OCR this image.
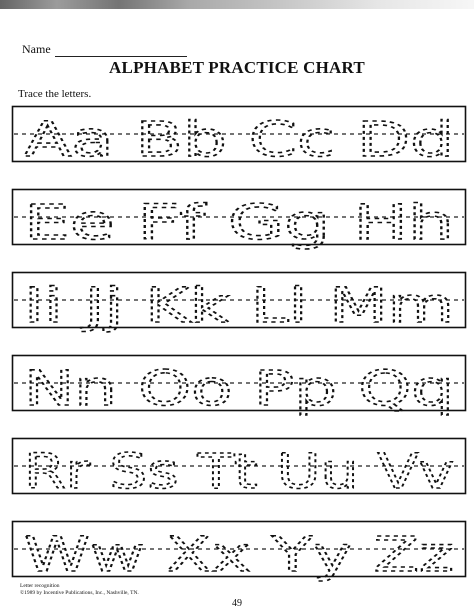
Name
ALPHABET PRACTICE CHART
Trace the letters.
Aa Bb Cc Dd
Ee Ff Gg Hh
Ii Jj Kk Ll Mm
Nn Oo Pp Qq
Rr Ss Tt Uu Vv
Ww Xx Yy Zz
Letter recognition
©1989 by Incentive Publications, Inc., Nashville, TN.
49
